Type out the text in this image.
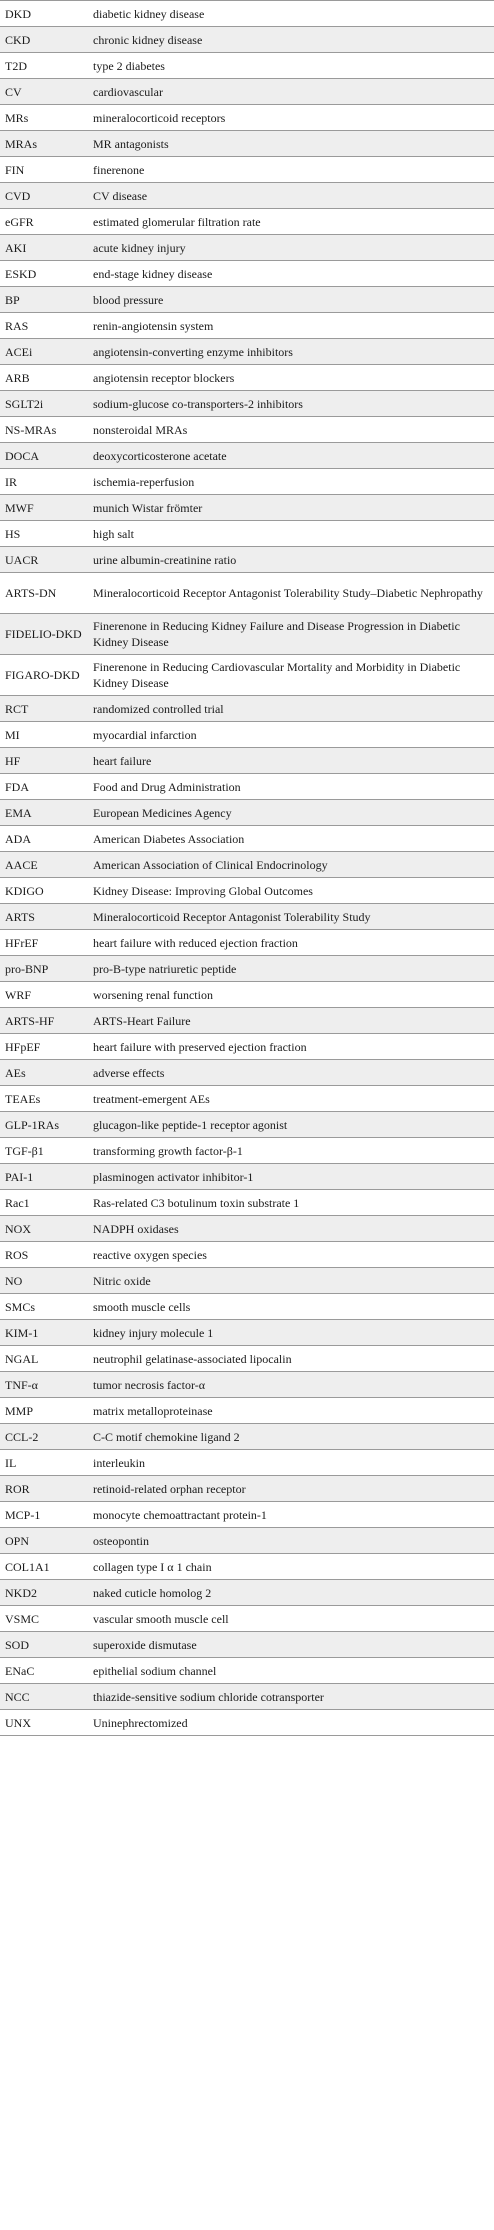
DKD	diabetic kidney disease
CKD	chronic kidney disease
T2D	type 2 diabetes
CV	cardiovascular
MRs	mineralocorticoid receptors
MRAs	MR antagonists
FIN	finerenone
CVD	CV disease
eGFR	estimated glomerular filtration rate
AKI	acute kidney injury
ESKD	end-stage kidney disease
BP	blood pressure
RAS	renin-angiotensin system
ACEi	angiotensin-converting enzyme inhibitors
ARB	angiotensin receptor blockers
SGLT2i	sodium-glucose co-transporters-2 inhibitors
NS-MRAs	nonsteroidal MRAs
DOCA	deoxycorticosterone acetate
IR	ischemia-reperfusion
MWF	munich Wistar frömter
HS	high salt
UACR	urine albumin-creatinine ratio
ARTS-DN	Mineralocorticoid Receptor Antagonist Tolerability Study–Diabetic Nephropathy
FIDELIO-DKD	Finerenone in Reducing Kidney Failure and Disease Progression in Diabetic Kidney Disease
FIGARO-DKD	Finerenone in Reducing Cardiovascular Mortality and Morbidity in Diabetic Kidney Disease
RCT	randomized controlled trial
MI	myocardial infarction
HF	heart failure
FDA	Food and Drug Administration
EMA	European Medicines Agency
ADA	American Diabetes Association
AACE	American Association of Clinical Endocrinology
KDIGO	Kidney Disease: Improving Global Outcomes
ARTS	Mineralocorticoid Receptor Antagonist Tolerability Study
HFrEF	heart failure with reduced ejection fraction
pro-BNP	pro-B-type natriuretic peptide
WRF	worsening renal function
ARTS-HF	ARTS-Heart Failure
HFpEF	heart failure with preserved ejection fraction
AEs	adverse effects
TEAEs	treatment-emergent AEs
GLP-1RAs	glucagon-like peptide-1 receptor agonist
TGF-β1	transforming growth factor-β-1
PAI-1	plasminogen activator inhibitor-1
Rac1	Ras-related C3 botulinum toxin substrate 1
NOX	NADPH oxidases
ROS	reactive oxygen species
NO	Nitric oxide
SMCs	smooth muscle cells
KIM-1	kidney injury molecule 1
NGAL	neutrophil gelatinase-associated lipocalin
TNF-α	tumor necrosis factor-α
MMP	matrix metalloproteinase
CCL-2	C-C motif chemokine ligand 2
IL	interleukin
ROR	retinoid-related orphan receptor
MCP-1	monocyte chemoattractant protein-1
OPN	osteopontin
COL1A1	collagen type I α 1 chain
NKD2	naked cuticle homolog 2
VSMC	vascular smooth muscle cell
SOD	superoxide dismutase
ENaC	epithelial sodium channel
NCC	thiazide-sensitive sodium chloride cotransporter
UNX	Uninephrectomized
